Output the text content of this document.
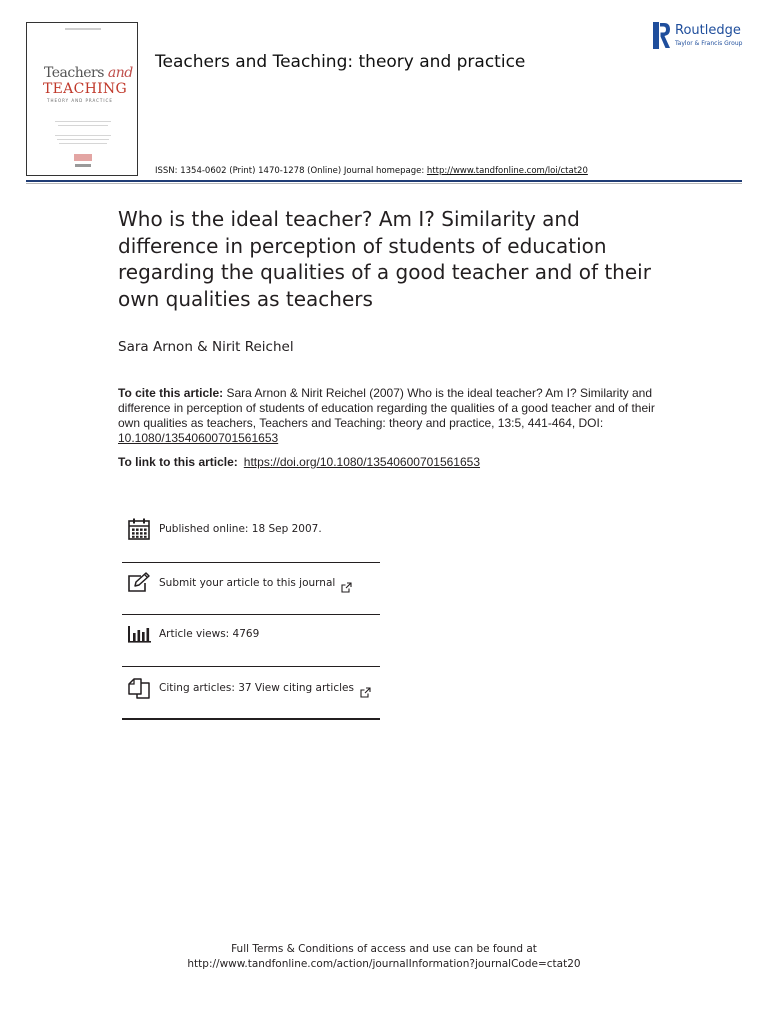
Teachers and
TEACHING
THEORY AND PRACTICE
Teachers and Teaching: theory and practice
ISSN: 1354-0602 (Print) 1470-1278 (Online) Journal homepage: http://www.tandfonline.com/loi/ctat20
Routledge
Taylor & Francis Group
Who is the ideal teacher? Am I? Similarity and difference in perception of students of education regarding the qualities of a good teacher and of their own qualities as teachers
Sara Arnon & Nirit Reichel
To cite this article: Sara Arnon & Nirit Reichel (2007) Who is the ideal teacher? Am I? Similarity and difference in perception of students of education regarding the qualities of a good teacher and of their own qualities as teachers, Teachers and Teaching: theory and practice, 13:5, 441-464, DOI: 10.1080/13540600701561653
To link to this article: https://doi.org/10.1080/13540600701561653
Published online: 18 Sep 2007.
Submit your article to this journal
Article views: 4769
Citing articles: 37 View citing articles
Full Terms & Conditions of access and use can be found at
http://www.tandfonline.com/action/journalInformation?journalCode=ctat20
